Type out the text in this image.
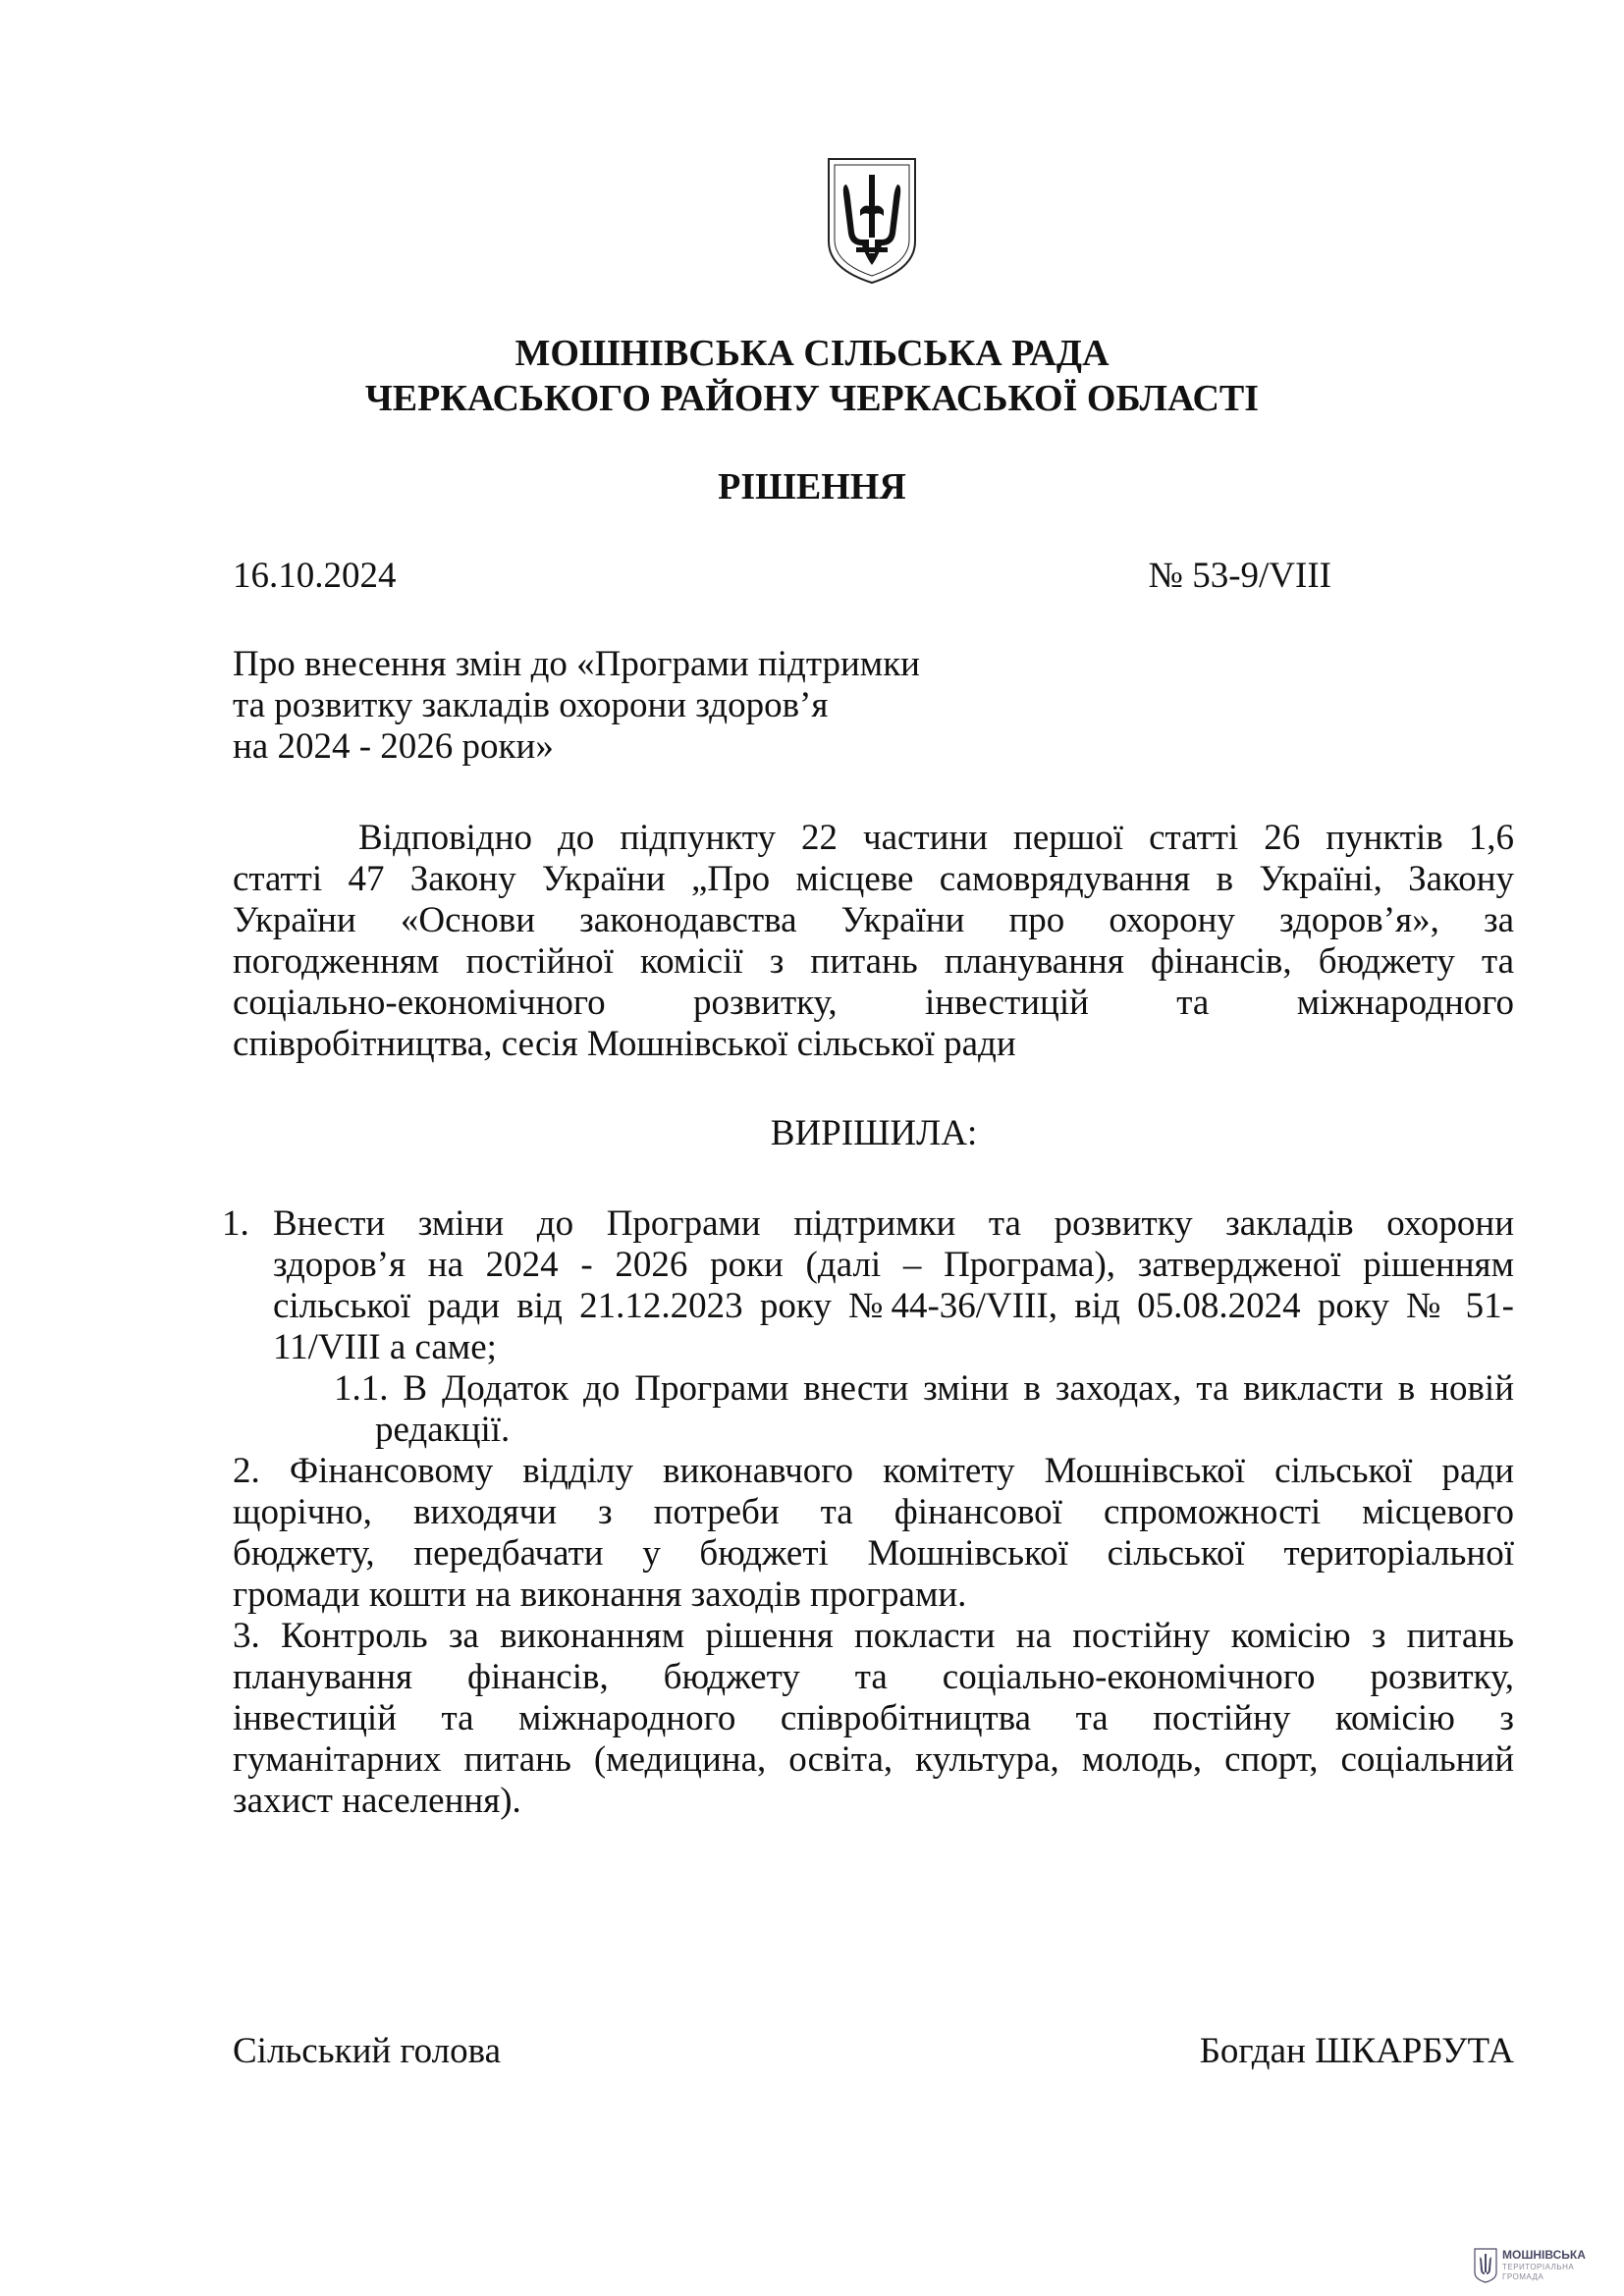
МОШНІВСЬКА СІЛЬСЬКА РАДА
ЧЕРКАСЬКОГО РАЙОНУ ЧЕРКАСЬКОЇ ОБЛАСТІ
РІШЕННЯ
16.10.2024	№ 53-9/VIII
Про внесення змін до «Програми підтримки
та розвитку закладів охорони здоров’я
на 2024 - 2026 роки»
Відповідно до підпункту 22 частини першої статті 26 пунктів 1,6
статті 47 Закону України „Про місцеве самоврядування в Україні, Закону
України «Основи законодавства України про охорону здоров’я», за
погодженням постійної комісії з питань планування фінансів, бюджету та
соціально-економічного розвитку, інвестицій та міжнародного
співробітництва, сесія Мошнівської сільської ради
ВИРІШИЛА:
1. Внести зміни до Програми підтримки та розвитку закладів охорони
здоров’я на 2024 - 2026 роки (далі – Програма), затвердженої рішенням
сільської ради від 21.12.2023 року №44-36/VIII, від 05.08.2024 року № 51-
11/VIII а саме;
1.1. В Додаток до Програми внести зміни в заходах, та викласти в новій
редакції.
2. Фінансовому відділу виконавчого комітету Мошнівської сільської ради
щорічно, виходячи з потреби та фінансової спроможності місцевого
бюджету, передбачати у бюджеті Мошнівської сільської територіальної
громади кошти на виконання заходів програми.
3. Контроль за виконанням рішення покласти на постійну комісію з питань
планування фінансів, бюджету та соціально-економічного розвитку,
інвестицій та міжнародного співробітництва та постійну комісію з
гуманітарних питань (медицина, освіта, культура, молодь, спорт, соціальний
захист населення).
Сільський голова	Богдан ШКАРБУТА
МОШНІВСЬКА
ТЕРИТОРІАЛЬНА
ГРОМАДА
